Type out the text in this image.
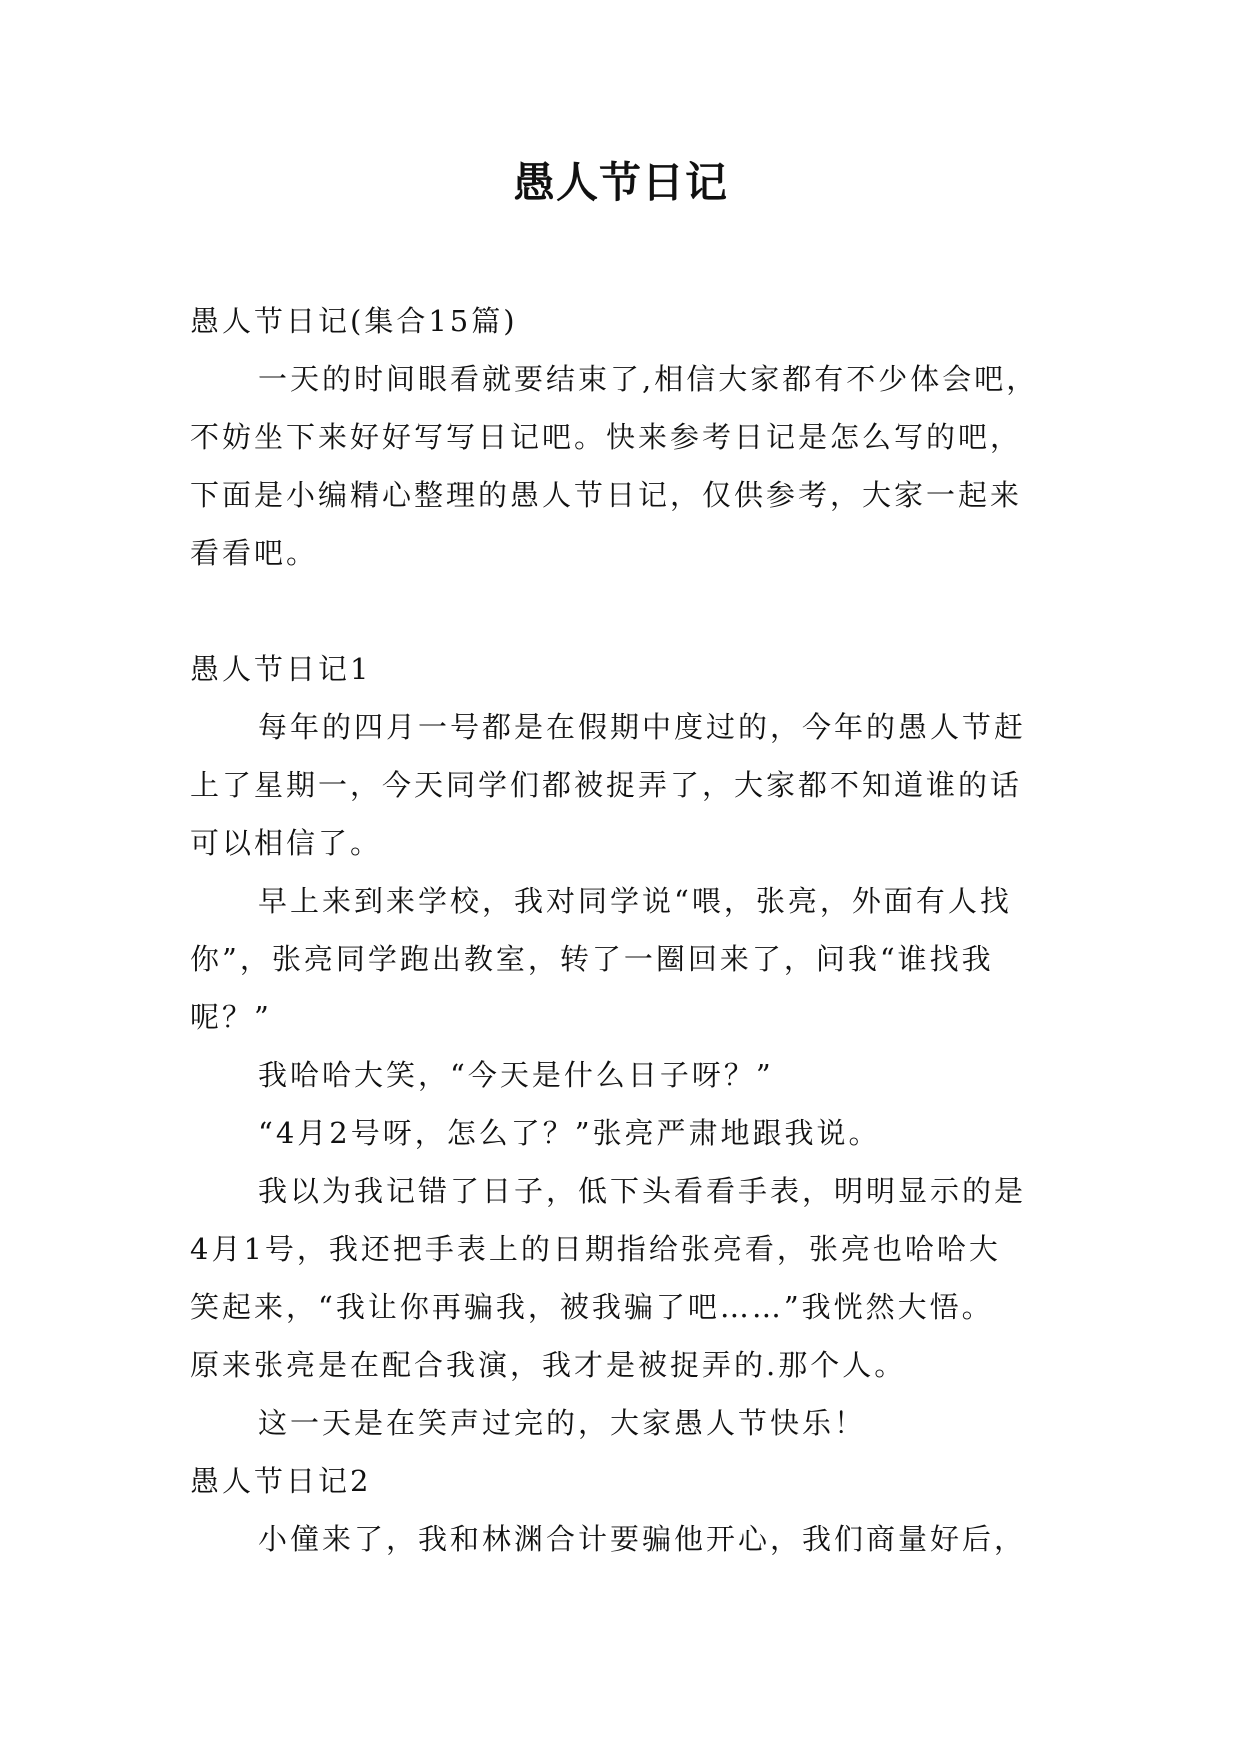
愚人节日记

愚人节日记(集合15篇)

一天的时间眼看就要结束了,相信大家都有不少体会吧，

不妨坐下来好好写写日记吧。快来参考日记是怎么写的吧，

下面是小编精心整理的愚人节日记，仅供参考，大家一起来

看看吧。

愚人节日记1

每年的四月一号都是在假期中度过的，今年的愚人节赶

上了星期一，今天同学们都被捉弄了，大家都不知道谁的话

可以相信了。

早上来到来学校，我对同学说“喂，张亮，外面有人找

你”，张亮同学跑出教室，转了一圈回来了，问我“谁找我

呢？”

我哈哈大笑，“今天是什么日子呀？”

“4月2号呀，怎么了？”张亮严肃地跟我说。

我以为我记错了日子，低下头看看手表，明明显示的是

4月1号，我还把手表上的日期指给张亮看，张亮也哈哈大

笑起来，“我让你再骗我，被我骗了吧……”我恍然大悟。

原来张亮是在配合我演，我才是被捉弄的.那个人。

这一天是在笑声过完的，大家愚人节快乐！

愚人节日记2

小僮来了，我和林渊合计要骗他开心，我们商量好后，
